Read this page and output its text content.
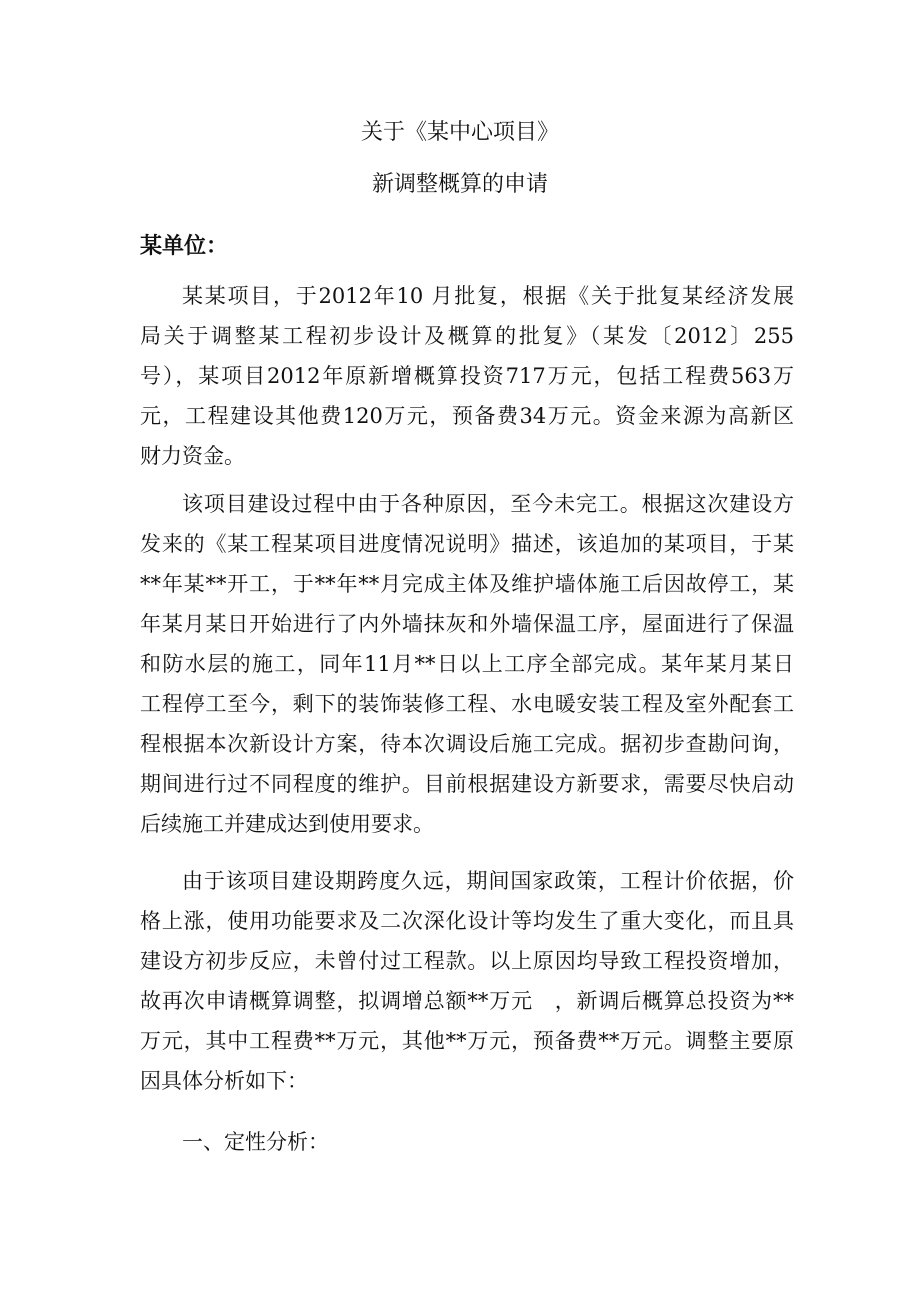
关于《某中心项目》
新调整概算的申请
某单位：
某某项目，于2012年10 月批复，根据《关于批复某经济发展
局关于调整某工程初步设计及概算的批复》（某发〔2012〕255
号），某项目2012年原新增概算投资717万元，包括工程费563万
元，工程建设其他费120万元，预备费34万元。资金来源为高新区
财力资金。
该项目建设过程中由于各种原因，至今未完工。根据这次建设方
发来的《某工程某项目进度情况说明》描述，该追加的某项目，于某
**年某**开工，于**年**月完成主体及维护墙体施工后因故停工，某
年某月某日开始进行了内外墙抹灰和外墙保温工序，屋面进行了保温
和防水层的施工，同年11月**日以上工序全部完成。某年某月某日
工程停工至今，剩下的装饰装修工程、水电暖安装工程及室外配套工
程根据本次新设计方案，待本次调设后施工完成。据初步查勘问询，
期间进行过不同程度的维护。目前根据建设方新要求，需要尽快启动
后续施工并建成达到使用要求。
由于该项目建设期跨度久远，期间国家政策，工程计价依据，价
格上涨，使用功能要求及二次深化设计等均发生了重大变化，而且具
建设方初步反应，未曾付过工程款。以上原因均导致工程投资增加，
故再次申请概算调整，拟调增总额**万元　，新调后概算总投资为**
万元，其中工程费**万元，其他**万元，预备费**万元。调整主要原
因具体分析如下：
一、定性分析：
